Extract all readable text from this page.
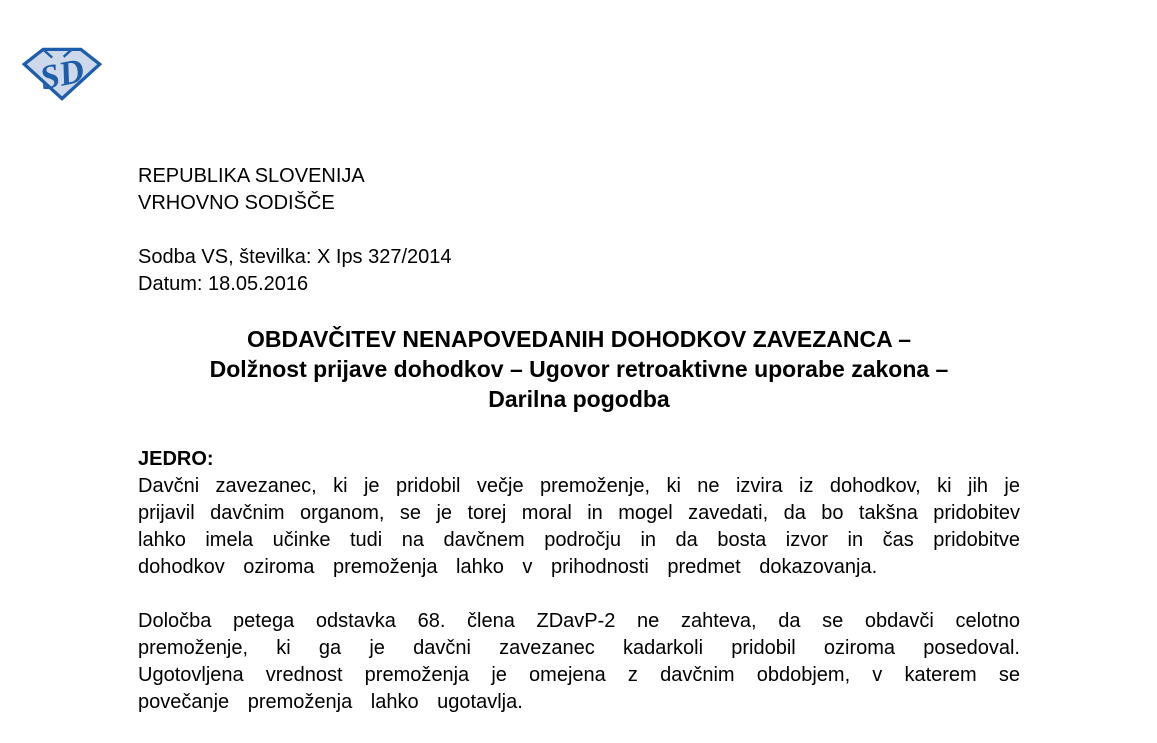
SD
REPUBLIKA SLOVENIJA
VRHOVNO SODIŠČE
Sodba VS, številka: X Ips 327/2014
Datum: 18.05.2016
OBDAVČITEV NENAPOVEDANIH DOHODKOV ZAVEZANCA –
Dolžnost prijave dohodkov – Ugovor retroaktivne uporabe zakona –
Darilna pogodba
JEDRO:
Davčni zavezanec, ki je pridobil večje premoženje, ki ne izvira iz dohodkov, ki jih je
prijavil davčnim organom, se je torej moral in mogel zavedati, da bo takšna pridobitev
lahko imela učinke tudi na davčnem področju in da bosta izvor in čas pridobitve
dohodkov oziroma premoženja lahko v prihodnosti predmet dokazovanja.
Določba petega odstavka 68. člena ZDavP-2 ne zahteva, da se obdavči celotno
premoženje, ki ga je davčni zavezanec kadarkoli pridobil oziroma posedoval.
Ugotovljena vrednost premoženja je omejena z davčnim obdobjem, v katerem se
povečanje premoženja lahko ugotavlja.
